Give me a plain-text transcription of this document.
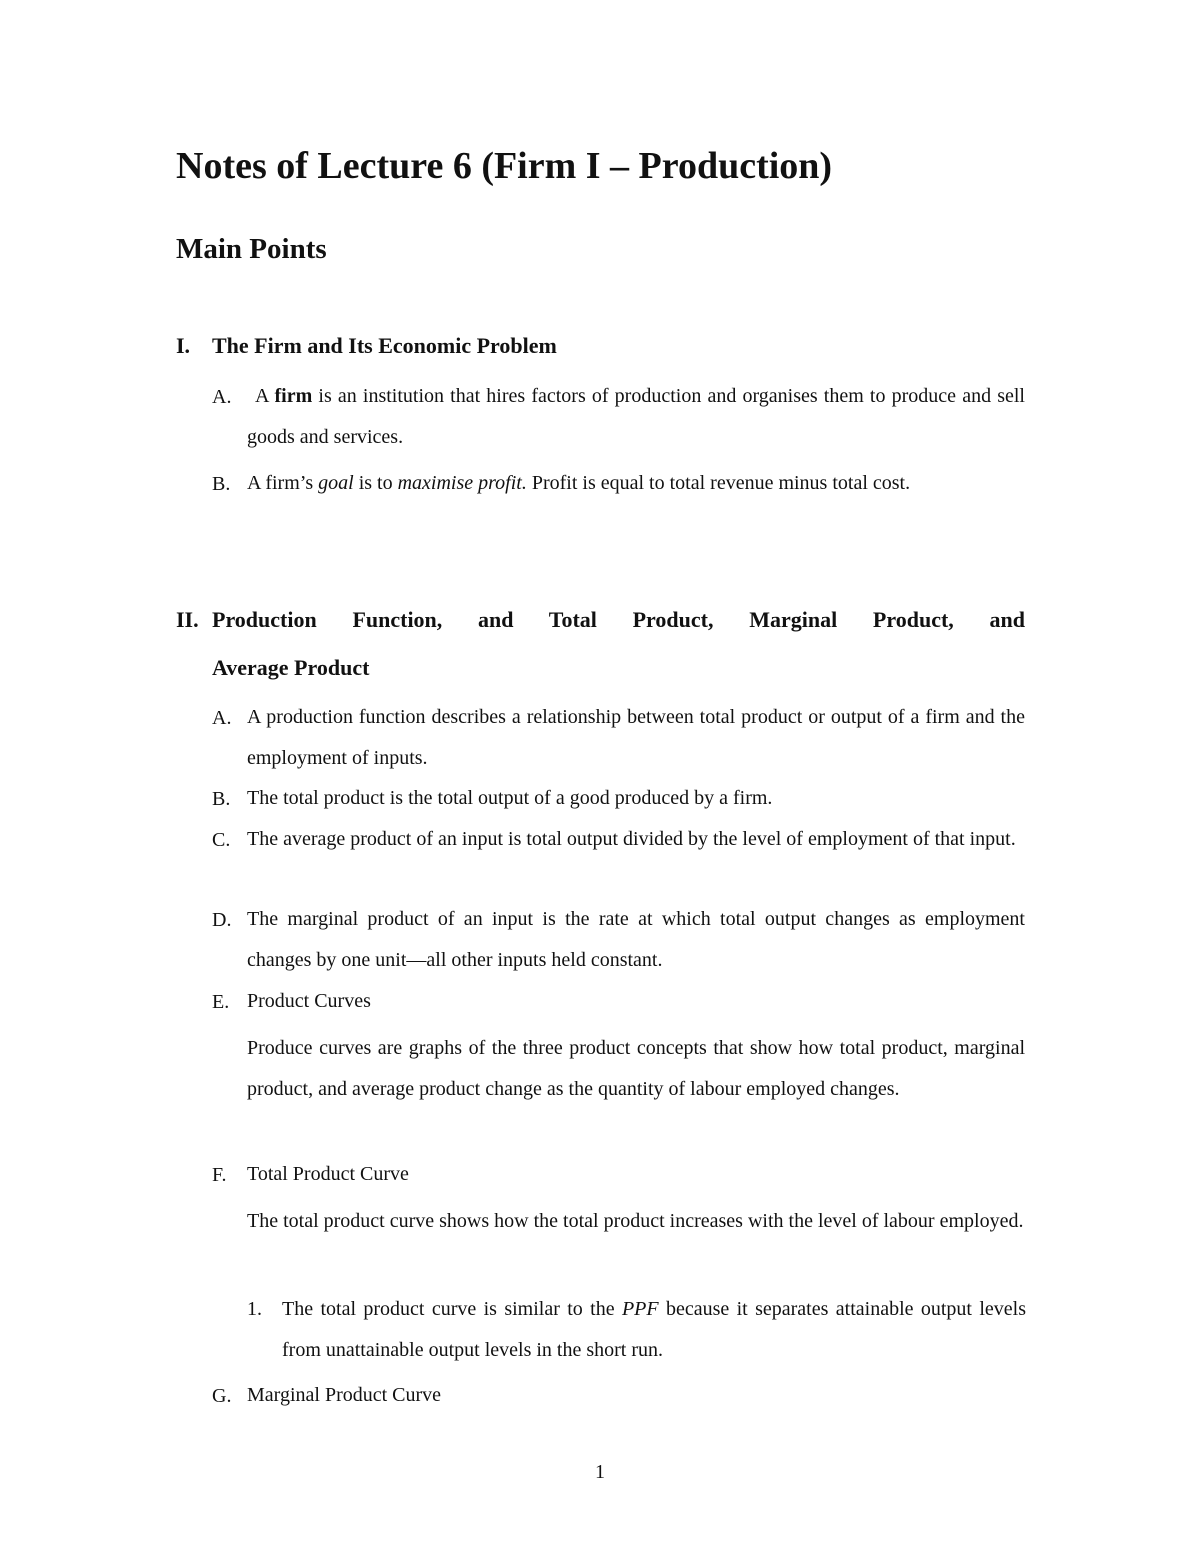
Notes of Lecture 6 (Firm I – Production)
Main Points
I. The Firm and Its Economic Problem
A.	A firm is an institution that hires factors of production and organises them to produce and sell goods and services.
B. A firm’s goal is to maximise profit. Profit is equal to total revenue minus total cost.
II. Production Function, and Total Product, Marginal Product, and
Average Product
A. A production function describes a relationship between total product or output of a firm and the employment of inputs.
B. The total product is the total output of a good produced by a firm.
C. The average product of an input is total output divided by the level of employment of that input.
D. The marginal product of an input is the rate at which total output changes as employment changes by one unit—all other inputs held constant.
E. Product Curves
Produce curves are graphs of the three product concepts that show how total product, marginal product, and average product change as the quantity of labour employed changes.
F. Total Product Curve
The total product curve shows how the total product increases with the level of labour employed.
1. The total product curve is similar to the PPF because it separates attainable output levels from unattainable output levels in the short run.
G. Marginal Product Curve
1
